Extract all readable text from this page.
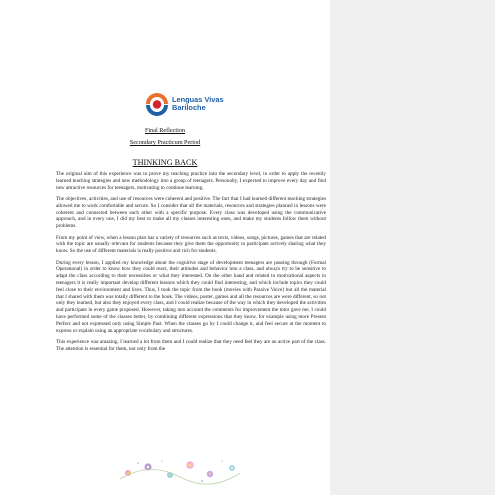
Lenguas Vivas
Bariloche
Final Reflection
Secondary Practicum Period
THINKING BACK

The original aim of this experience was to prove my teaching practice into the secondary level, in order to apply the recently learned teaching strategies and new methodology into a group of teenagers. Personally, I expected to improve every day and find new attractive resources for teenagers, motivating to continue learning.

The objectives, activities, and use of resources were coherent and positive. The fact that I had learned different teaching strategies allowed me to work comfortable and secure. So I consider that all the materials, resources and strategies planned in lessons were coherent and connected between each other with a specific purpose. Every class was developed using the communicative approach, and in every one, I did my best to make all my classes interesting ones, and make my students follow them without problems.

From my point of view, when a lesson plan has a variety of resources such as texts, videos, songs, pictures, games that are related with the topic are usually relevant for students because they give them the opportunity to participate actively sharing what they know. So the use of different materials is really positive and rich for students.

During every lesson, I applied my knowledge about the cognitive stage of development teenagers are passing through (Formal Operational) in order to know how they could react, their attitudes and behavior into a class, and always try to be sensitive to adapt the class according to their necessities or what they interested. On the other hand and related to motivational aspects in teenagers it is really important develop different lessons which they could find interesting, and which include topics they could feel close to their environment and lives. Thus, I took the topic from the book (movies with Passive Voice) but all the material that I shared with them was totally different to the book. The videos, poster, games and all the resources are were different, so not only they learned, but also they enjoyed every class, and I could realize because of the way in which they developed the activities and participate in every game proposed. However, taking into account the comments for improvement the tutor gave me, I could have performed some of the classes better, by combining different expressions that they know, for example using more Present Perfect and not expressed only using Simple Past. When the classes go by I could change it, and feel secure at the moment to express or explain using an appropriate vocabulary and structures.

This experience was amazing. I learned a lot from them and I could realize that they need feel they are an active part of the class. The attention is essential for them, not only from the
